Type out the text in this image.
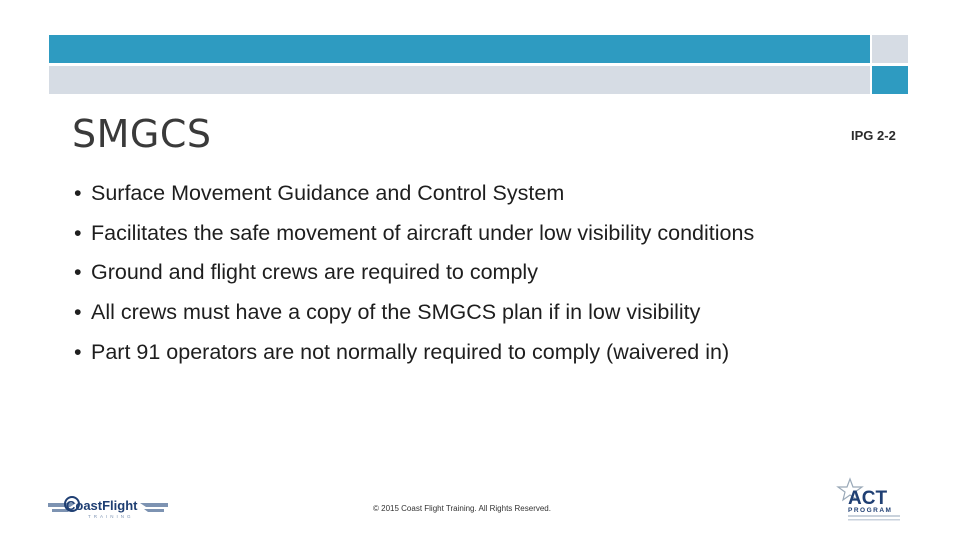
SMGCS	IPG 2-2
• Surface Movement Guidance and Control System
• Facilitates the safe movement of aircraft under low visibility conditions
• Ground and flight crews are required to comply
• All crews must have a copy of the SMGCS plan if in low visibility
• Part 91 operators are not normally required to comply (waivered in)
CoastFlight
TRAINING
© 2015 Coast Flight Training. All Rights Reserved.	ACT
PROGRAM
